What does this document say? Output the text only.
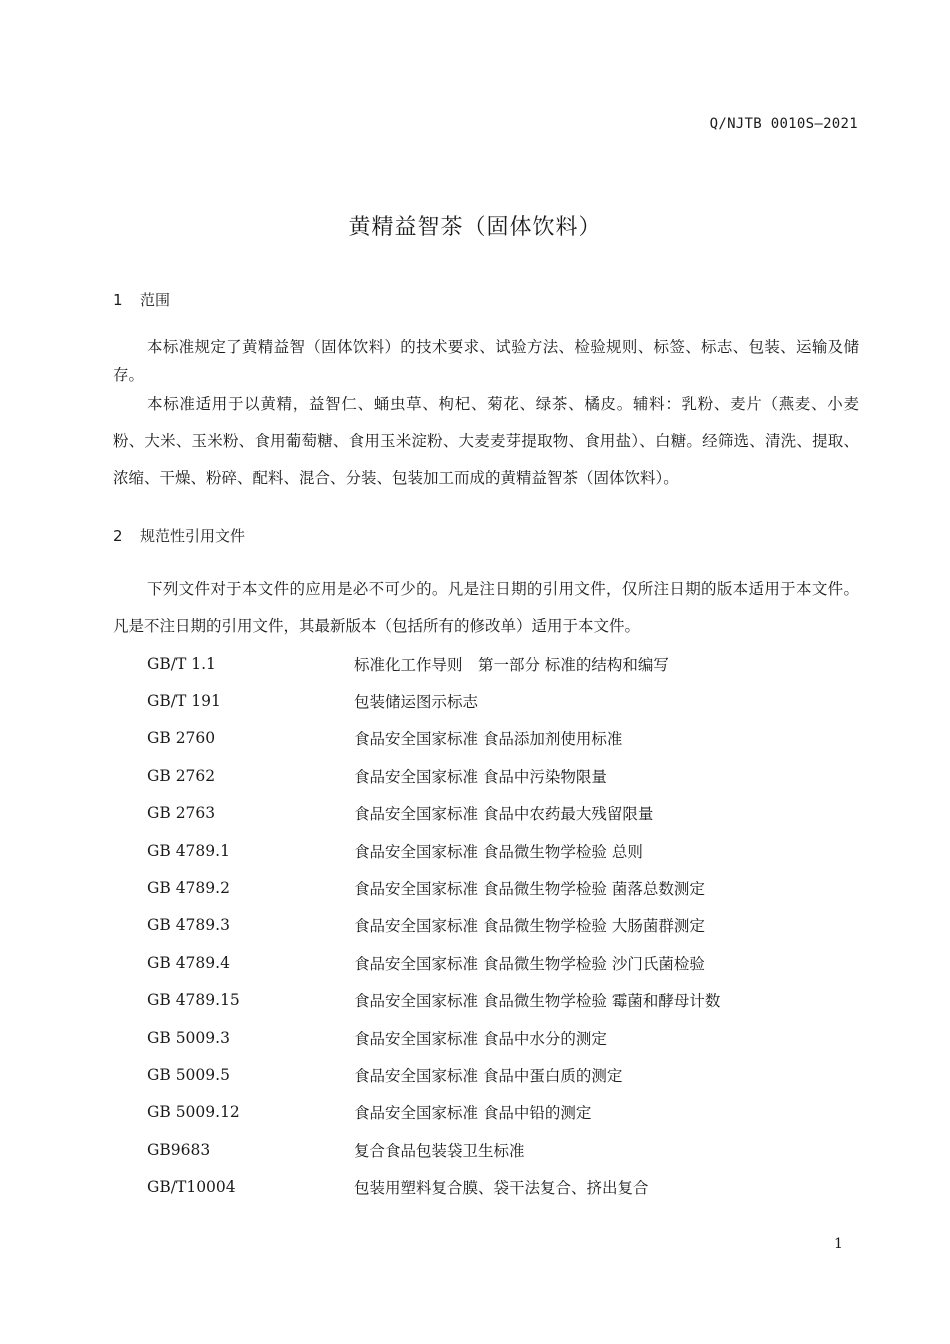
Q/NJTB 0010S—2021
黄精益智茶（固体饮料）
1 范围
本标准规定了黄精益智（固体饮料）的技术要求、试验方法、检验规则、标签、标志、包装、运输及储存。
本标准适用于以黄精，益智仁、蛹虫草、枸杞、菊花、绿茶、橘皮。辅料：乳粉、麦片（燕麦、小麦粉、大米、玉米粉、食用葡萄糖、食用玉米淀粉、大麦麦芽提取物、食用盐）、白糖。经筛选、清洗、提取、浓缩、干燥、粉碎、配料、混合、分装、包装加工而成的黄精益智茶（固体饮料）。
2 规范性引用文件
下列文件对于本文件的应用是必不可少的。凡是注日期的引用文件，仅所注日期的版本适用于本文件。凡是不注日期的引用文件，其最新版本（包括所有的修改单）适用于本文件。
GB/T 1.1	标准化工作导则　第一部分 标准的结构和编写
GB/T 191	包装储运图示标志
GB 2760	食品安全国家标准 食品添加剂使用标准
GB 2762	食品安全国家标准 食品中污染物限量
GB 2763	食品安全国家标准 食品中农药最大残留限量
GB 4789.1	食品安全国家标准 食品微生物学检验 总则
GB 4789.2	食品安全国家标准 食品微生物学检验 菌落总数测定
GB 4789.3	食品安全国家标准 食品微生物学检验 大肠菌群测定
GB 4789.4	食品安全国家标准 食品微生物学检验 沙门氏菌检验
GB 4789.15	食品安全国家标准 食品微生物学检验 霉菌和酵母计数
GB 5009.3	食品安全国家标准 食品中水分的测定
GB 5009.5	食品安全国家标准 食品中蛋白质的测定
GB 5009.12	食品安全国家标准 食品中铅的测定
GB9683	复合食品包装袋卫生标准
GB/T10004	包装用塑料复合膜、袋干法复合、挤出复合
1
